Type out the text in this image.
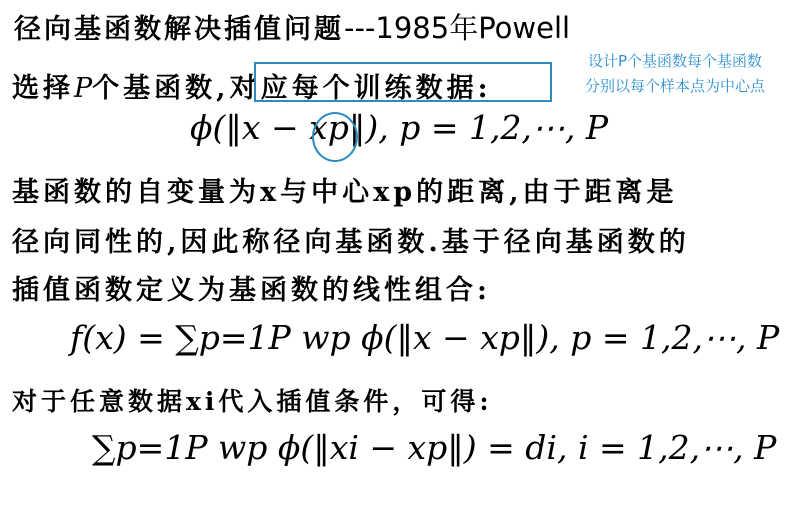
径向基函数解决插值问题---1985年Powell
选择P个基函数,对应每个训练数据:
设计P个基函数每个基函数
分别以每个样本点为中心点
ϕ(‖x − xp‖), p = 1,2,⋯, P
基函数的自变量为x与中心xp的距离,由于距离是
径向同性的,因此称径向基函数.基于径向基函数的
插值函数定义为基函数的线性组合:
f(x) = ∑p=1P wp ϕ(‖x − xp‖), p = 1,2,⋯, P
对于任意数据xi代入插值条件，可得:
∑p=1P wp ϕ(‖xi − xp‖) = di, i = 1,2,⋯, P
